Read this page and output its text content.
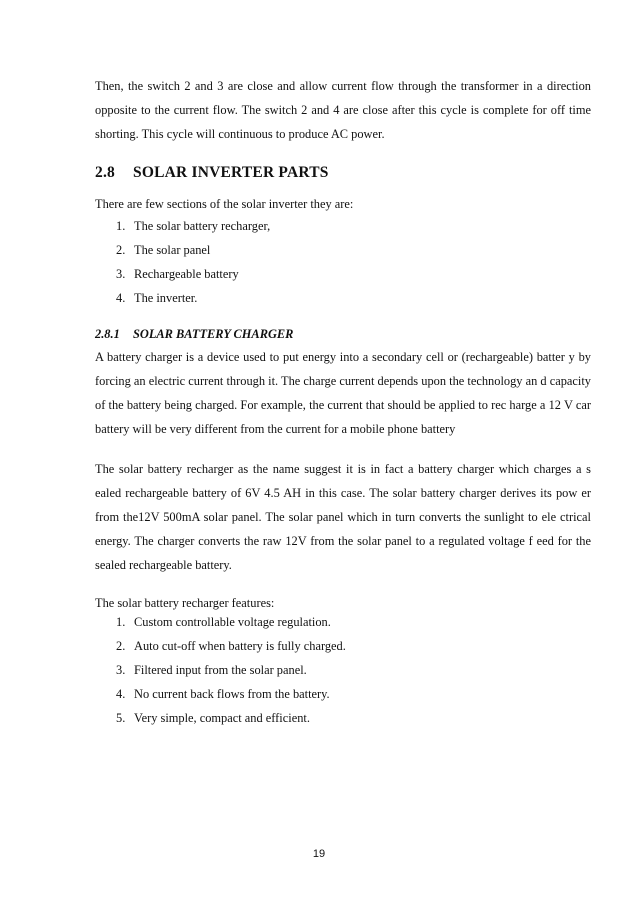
Then, the switch 2 and 3 are close and allow current flow through the transformer in a direction opposite to the current flow. The switch 2 and 4 are close after this cycle is complete for off time shorting. This cycle will continuous to produce AC power.

2.8 SOLAR INVERTER PARTS

There are few sections of the solar inverter they are:

1. The solar battery recharger,
2. The solar panel
3. Rechargeable battery
4. The inverter.
2.8.1 SOLAR BATTERY CHARGER

A battery charger is a device used to put energy into a secondary cell or (rechargeable) batter y by forcing an electric current through it. The charge current depends upon the technology an d capacity of the battery being charged. For example, the current that should be applied to rec harge a 12 V car battery will be very different from the current for a mobile phone battery

The solar battery recharger as the name suggest it is in fact a battery charger which charges a s ealed rechargeable battery of 6V 4.5 AH in this case. The solar battery charger derives its pow er from the12V 500mA solar panel. The solar panel which in turn converts the sunlight to ele ctrical energy. The charger converts the raw 12V from the solar panel to a regulated voltage f eed for the sealed rechargeable battery.

The solar battery recharger features:

1. Custom controllable voltage regulation.
2. Auto cut-off when battery is fully charged.
3. Filtered input from the solar panel.
4. No current back flows from the battery.
5. Very simple, compact and efficient.
19
